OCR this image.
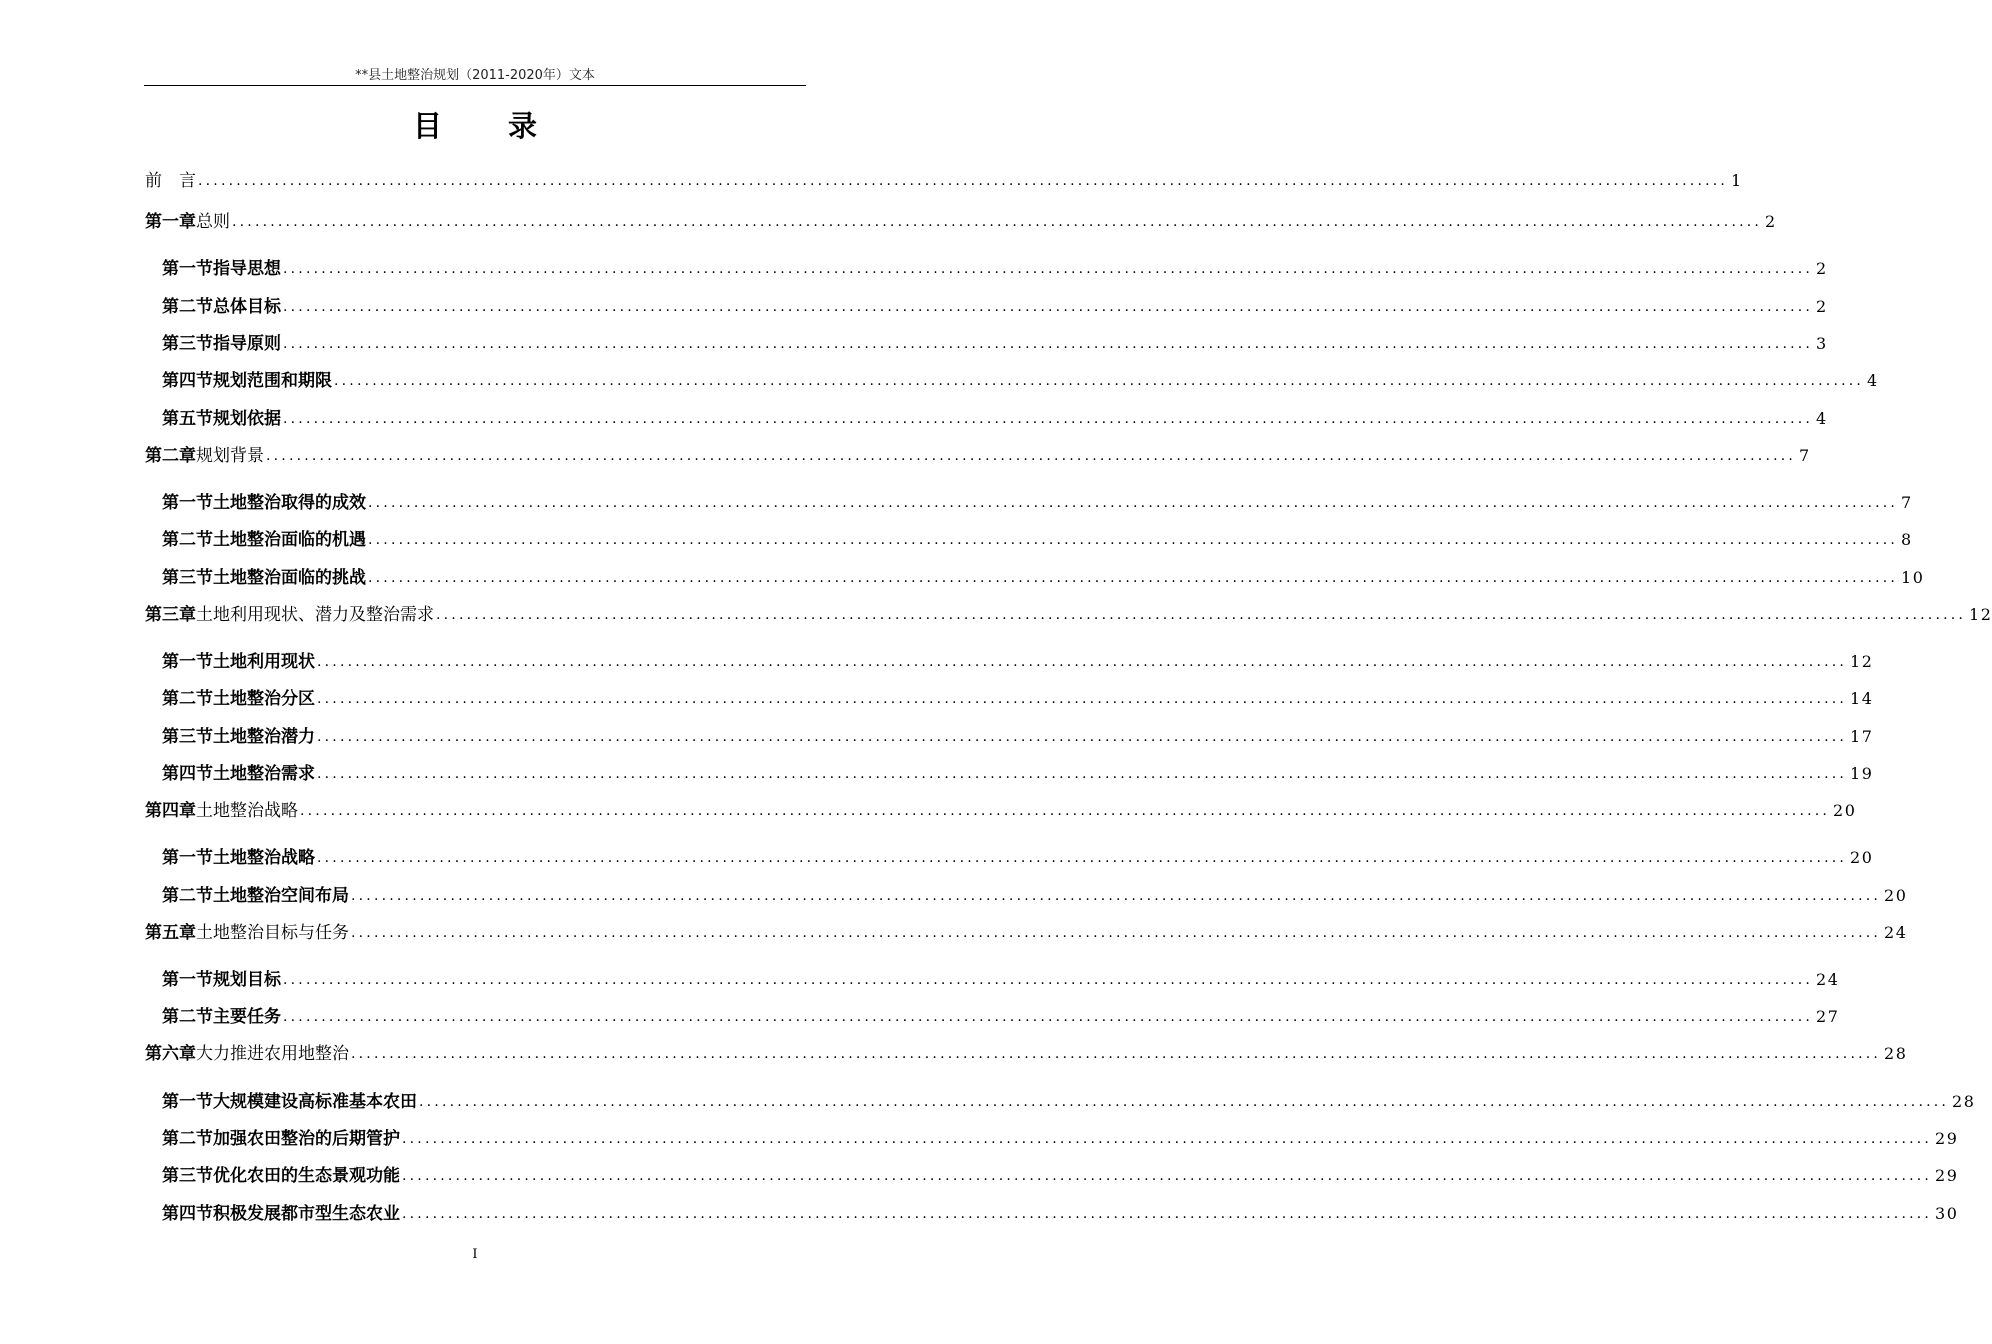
**县土地整治规划（2011-2020年）文本
目 录
前　言 ........................................................................................................................................................................................................ 1
第一章 总则 ........................................................................................................................................................................................................ 2
第一节 指导思想 ........................................................................................................................................................................................................ 2
第二节 总体目标 ........................................................................................................................................................................................................ 2
第三节 指导原则 ........................................................................................................................................................................................................ 3
第四节 规划范围和期限 ........................................................................................................................................................................................................ 4
第五节 规划依据 ........................................................................................................................................................................................................ 4
第二章 规划背景 ........................................................................................................................................................................................................ 7
第一节 土地整治取得的成效 ........................................................................................................................................................................................................ 7
第二节 土地整治面临的机遇 ........................................................................................................................................................................................................ 8
第三节 土地整治面临的挑战 ........................................................................................................................................................................................................ 10
第三章 土地利用现状、潜力及整治需求 ........................................................................................................................................................................................................ 12
第一节 土地利用现状 ........................................................................................................................................................................................................ 12
第二节 土地整治分区 ........................................................................................................................................................................................................ 14
第三节 土地整治潜力 ........................................................................................................................................................................................................ 17
第四节 土地整治需求 ........................................................................................................................................................................................................ 19
第四章 土地整治战略 ........................................................................................................................................................................................................ 20
第一节 土地整治战略 ........................................................................................................................................................................................................ 20
第二节 土地整治空间布局 ........................................................................................................................................................................................................ 20
第五章 土地整治目标与任务 ........................................................................................................................................................................................................ 24
第一节 规划目标 ........................................................................................................................................................................................................ 24
第二节 主要任务 ........................................................................................................................................................................................................ 27
第六章 大力推进农用地整治 ........................................................................................................................................................................................................ 28
第一节 大规模建设高标准基本农田 ........................................................................................................................................................................................................ 28
第二节 加强农田整治的后期管护 ........................................................................................................................................................................................................ 29
第三节 优化农田的生态景观功能 ........................................................................................................................................................................................................ 29
第四节 积极发展都市型生态农业 ........................................................................................................................................................................................................ 30
I
